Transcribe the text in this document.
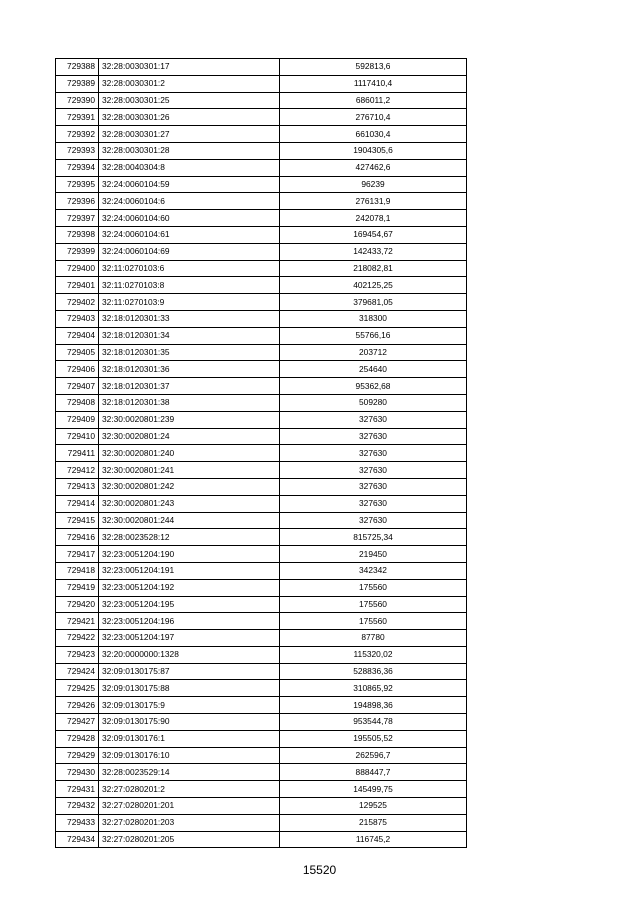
729388	32:28:0030301:17	592813,6
729389	32:28:0030301:2	1117410,4
729390	32:28:0030301:25	686011,2
729391	32:28:0030301:26	276710,4
729392	32:28:0030301:27	661030,4
729393	32:28:0030301:28	1904305,6
729394	32:28:0040304:8	427462,6
729395	32:24:0060104:59	96239
729396	32:24:0060104:6	276131,9
729397	32:24:0060104:60	242078,1
729398	32:24:0060104:61	169454,67
729399	32:24:0060104:69	142433,72
729400	32:11:0270103:6	218082,81
729401	32:11:0270103:8	402125,25
729402	32:11:0270103:9	379681,05
729403	32:18:0120301:33	318300
729404	32:18:0120301:34	55766,16
729405	32:18:0120301:35	203712
729406	32:18:0120301:36	254640
729407	32:18:0120301:37	95362,68
729408	32:18:0120301:38	509280
729409	32:30:0020801:239	327630
729410	32:30:0020801:24	327630
729411	32:30:0020801:240	327630
729412	32:30:0020801:241	327630
729413	32:30:0020801:242	327630
729414	32:30:0020801:243	327630
729415	32:30:0020801:244	327630
729416	32:28:0023528:12	815725,34
729417	32:23:0051204:190	219450
729418	32:23:0051204:191	342342
729419	32:23:0051204:192	175560
729420	32:23:0051204:195	175560
729421	32:23:0051204:196	175560
729422	32:23:0051204:197	87780
729423	32:20:0000000:1328	115320,02
729424	32:09:0130175:87	528836,36
729425	32:09:0130175:88	310865,92
729426	32:09:0130175:9	194898,36
729427	32:09:0130175:90	953544,78
729428	32:09:0130176:1	195505,52
729429	32:09:0130176:10	262596,7
729430	32:28:0023529:14	888447,7
729431	32:27:0280201:2	145499,75
729432	32:27:0280201:201	129525
729433	32:27:0280201:203	215875
729434	32:27:0280201:205	116745,2
15520
